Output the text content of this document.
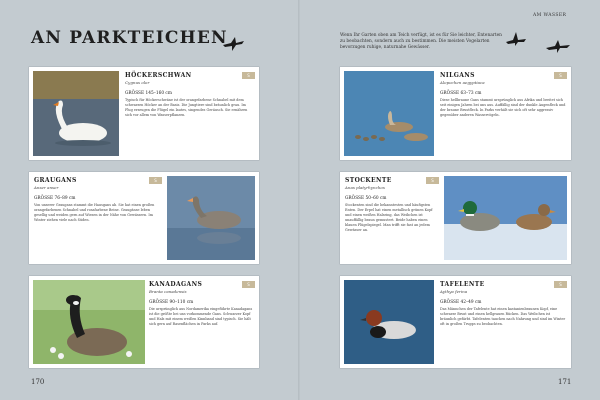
AN PARKTEICHEN
S
HÖCKERSCHWAN
Cygnus olor
GRÖSSE 145–160 cm
Typisch für Höckerschwäne ist der orangefarbene Schnabel mit dem schwarzen Höcker an der Basis. Die Jungtiere sind bräunlich grau. Im Flug erzeugen die Flügel ein lautes, singendes Geräusch. Sie ernähren sich vor allem von Wasserpflanzen.
S
GRAUGANS
Anser anser
GRÖSSE 76–89 cm
Von unserer Graugans stammt die Hausgans ab. Sie hat einen großen orangefarbenen Schnabel und rosafarbene Beine. Graugänse leben gesellig und weiden gern auf Wiesen in der Nähe von Gewässern. Im Winter ziehen viele nach Süden.
S
KANADAGANS
Branta canadensis
GRÖSSE 90–110 cm
Die ursprünglich aus Nordamerika eingeführte Kanadagans ist die größte bei uns vorkommende Gans. Schwarzer Kopf und Hals mit einem weißen Kinnband sind typisch. Sie hält sich gern auf Rasenflächen in Parks auf.
170	171
AM WASSER
Wenn Ihr Garten oben am Teich verfügt, ist es für Sie leichter, Entenarten zu beobachten, sondern auch zu bestimmen. Die meisten Vogelarten bevorzugen ruhige, naturnahe Gewässer.
S
NILGANS
Alopochen aegyptiaca
GRÖSSE 63–73 cm
Diese hellbraune Gans stammt ursprünglich aus Afrika und breitet sich seit einigen Jahren bei uns aus. Auffällig sind der dunkle Augenfleck und der braune Brustfleck. In Parks verhält sie sich oft sehr aggressiv gegenüber anderen Wasservögeln.
S
STOCKENTE
Anas platyrhynchos
GRÖSSE 50–60 cm
Stockenten sind die bekanntesten und häufigsten Enten. Der Erpel hat einen metallisch grünen Kopf und einen weißen Halsring, das Weibchen ist unauffällig braun gemustert. Beide haben einen blauen Flügelspiegel. Man trifft sie fast an jedem Gewässer an.
S
TAFELENTE
Aythya ferina
GRÖSSE 42–49 cm
Das Männchen der Tafelente hat einen kastanienbraunen Kopf, eine schwarze Brust und einen hellgrauen Rücken. Das Weibchen ist bräunlich gefärbt. Tafelenten tauchen nach Nahrung und sind im Winter oft in großen Trupps zu beobachten.
